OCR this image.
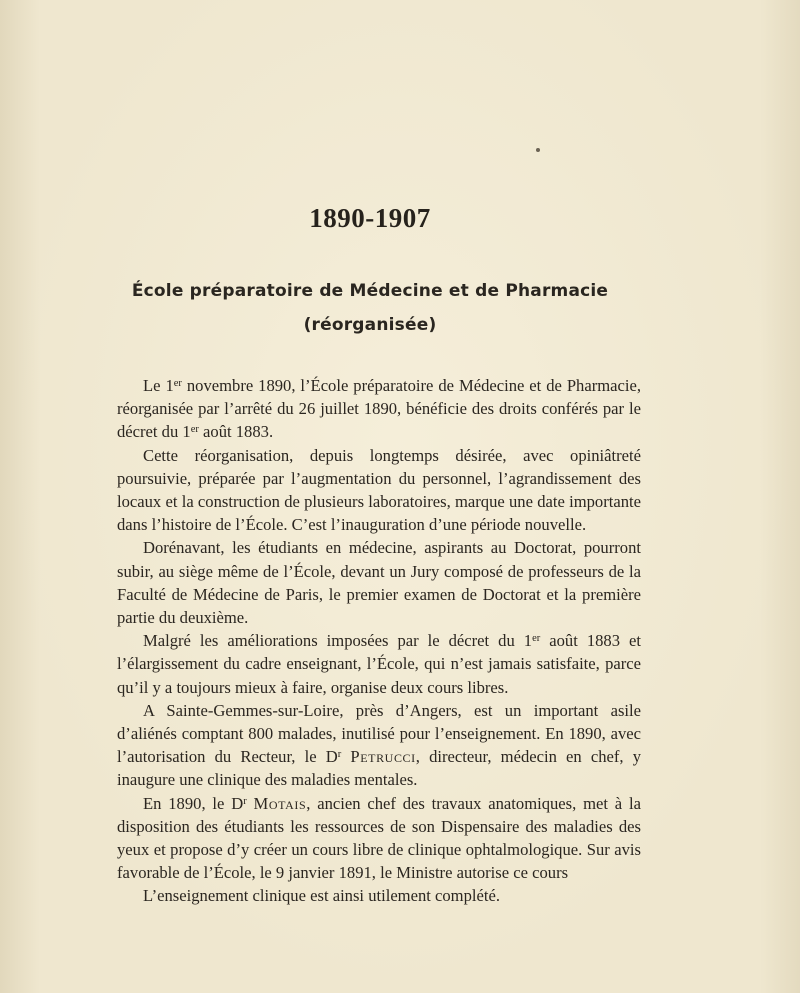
1890-1907
École préparatoire de Médecine et de Pharmacie
(réorganisée)

Le 1er novembre 1890, l’École préparatoire de Médecine et de Pharmacie, réorganisée par l’arrêté du 26 juillet 1890, bénéficie des droits conférés par le décret du 1er août 1883.

Cette réorganisation, depuis longtemps désirée, avec opiniâtreté poursuivie, préparée par l’augmentation du personnel, l’agrandissement des locaux et la construction de plusieurs laboratoires, marque une date importante dans l’histoire de l’École. C’est l’inauguration d’une période nouvelle.

Dorénavant, les étudiants en médecine, aspirants au Doctorat, pourront subir, au siège même de l’École, devant un Jury composé de professeurs de la Faculté de Médecine de Paris, le premier examen de Doctorat et la première partie du deuxième.

Malgré les améliorations imposées par le décret du 1er août 1883 et l’élargissement du cadre enseignant, l’École, qui n’est jamais satisfaite, parce qu’il y a toujours mieux à faire, organise deux cours libres.

A Sainte-Gemmes-sur-Loire, près d’Angers, est un important asile d’aliénés comptant 800 malades, inutilisé pour l’enseignement. En 1890, avec l’autorisation du Recteur, le $D^r$ Petrucci, directeur, médecin en chef, y inaugure une clinique des maladies mentales.

En 1890, le $D^r$ Motais, ancien chef des travaux anatomiques, met à la disposition des étudiants les ressources de son Dispensaire des maladies des yeux et propose d’y créer un cours libre de clinique ophtalmologique. Sur avis favorable de l’École, le 9 janvier 1891, le Ministre autorise ce cours

L’enseignement clinique est ainsi utilement complété.
